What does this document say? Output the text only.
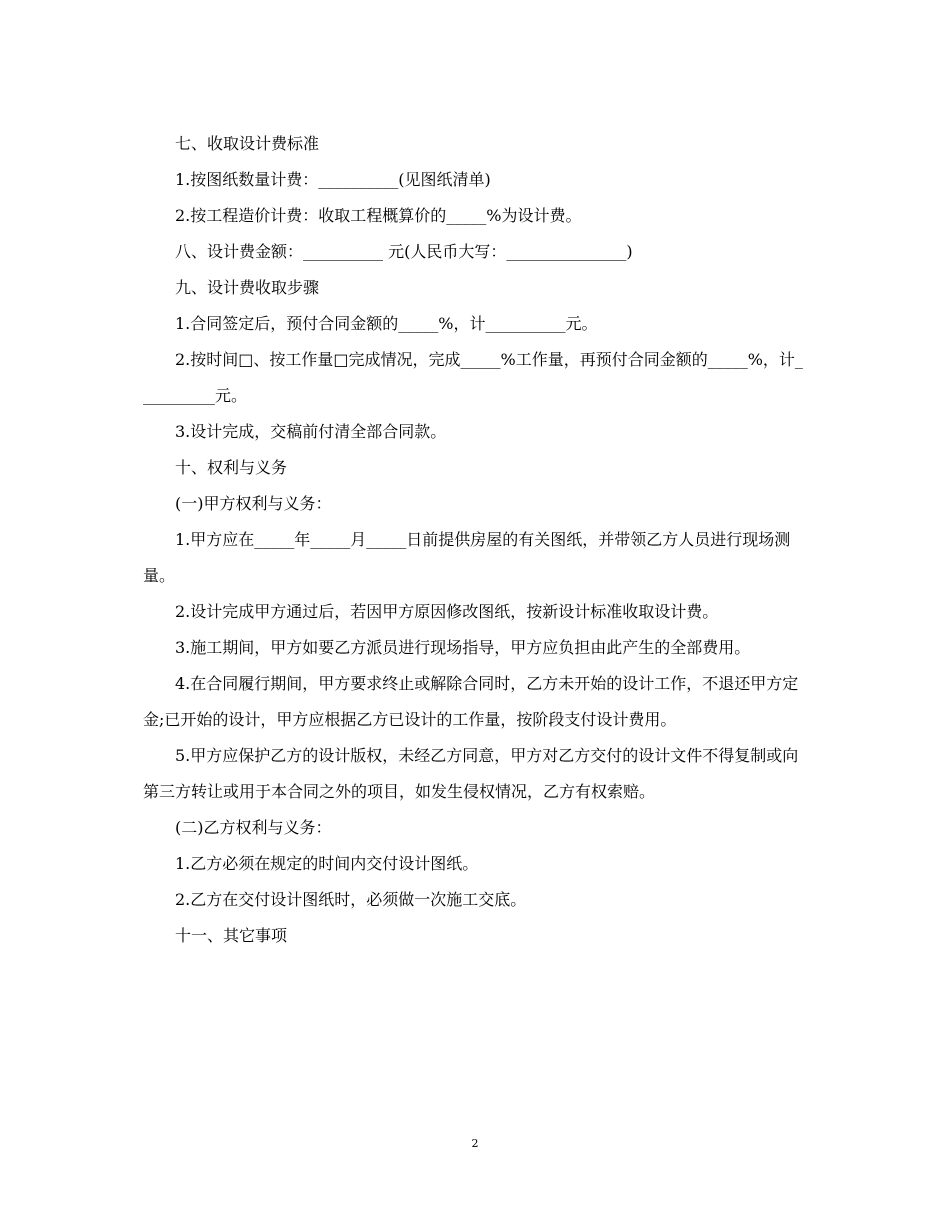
七、收取设计费标准

1.按图纸数量计费：__________(见图纸清单)

2.按工程造价计费：收取工程概算价的_____%为设计费。

八、设计费金额：__________ 元(人民币大写：_______________)

九、设计费收取步骤

1.合同签定后，预付合同金额的_____%，计__________元。

2.按时间□、按工作量□完成情况，完成_____%工作量，再预付合同金额的_____%，计__________元。

3.设计完成，交稿前付清全部合同款。

十、权利与义务

(一)甲方权利与义务：

1.甲方应在_____年_____月_____日前提供房屋的有关图纸，并带领乙方人员进行现场测量。

2.设计完成甲方通过后，若因甲方原因修改图纸，按新设计标准收取设计费。

3.施工期间，甲方如要乙方派员进行现场指导，甲方应负担由此产生的全部费用。

4.在合同履行期间，甲方要求终止或解除合同时，乙方未开始的设计工作，不退还甲方定金;已开始的设计，甲方应根据乙方已设计的工作量，按阶段支付设计费用。

5.甲方应保护乙方的设计版权，未经乙方同意，甲方对乙方交付的设计文件不得复制或向第三方转让或用于本合同之外的项目，如发生侵权情况，乙方有权索赔。

(二)乙方权利与义务：

1.乙方必须在规定的时间内交付设计图纸。

2.乙方在交付设计图纸时，必须做一次施工交底。

十一、其它事项

2
